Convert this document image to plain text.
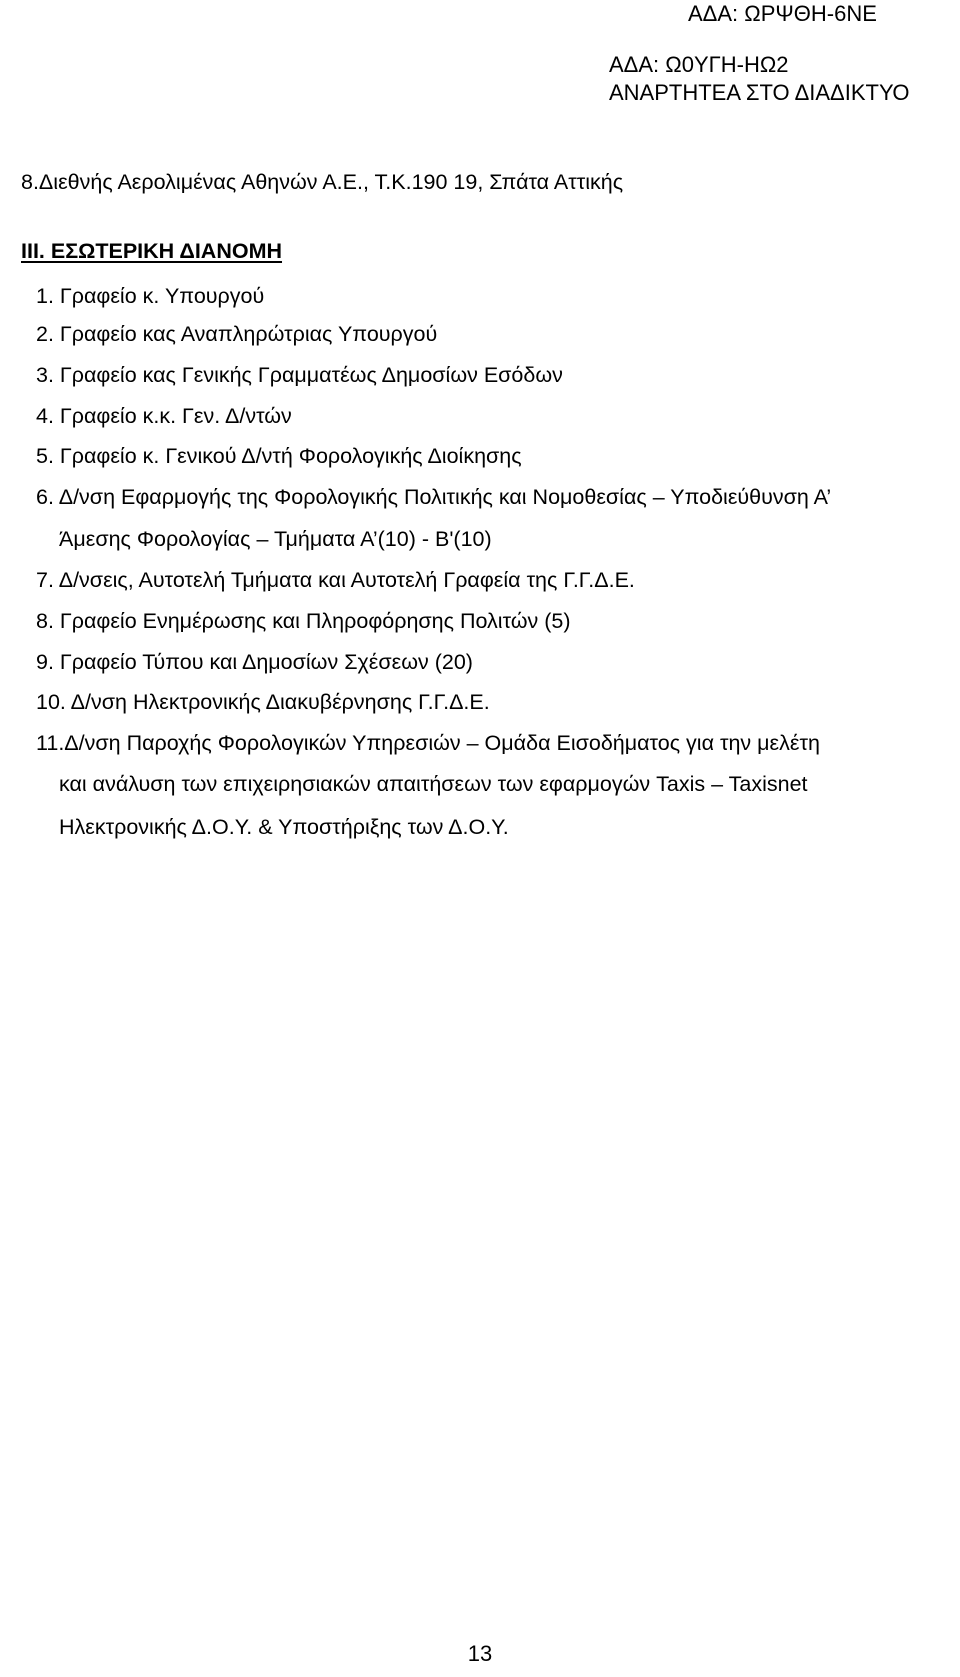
ΑΔΑ: ΩΡΨΘΗ-6ΝΕ
ΑΔΑ: Ω0ΥΓΗ-ΗΩ2
ΑΝΑΡΤΗΤΕΑ ΣΤΟ ΔΙΑΔΙΚΤΥΟ
8.Διεθνής Αερολιμένας Αθηνών Α.Ε., Τ.Κ.190 19, Σπάτα Αττικής
ΙΙΙ. ΕΣΩΤΕΡΙΚΗ ΔΙΑΝΟΜΗ
1. Γραφείο κ. Υπουργού
2. Γραφείο κας Αναπληρώτριας Υπουργού
3. Γραφείο κας Γενικής Γραμματέως Δημοσίων Εσόδων
4. Γραφείο κ.κ. Γεν. Δ/ντών
5. Γραφείο κ. Γενικού Δ/ντή Φορολογικής Διοίκησης
6. Δ/νση Εφαρμογής της Φορολογικής Πολιτικής και Νομοθεσίας – Υποδιεύθυνση Α’
Άμεσης Φορολογίας – Τμήματα Α’(10) - Β'(10)
7. Δ/νσεις, Αυτοτελή Τμήματα και Αυτοτελή Γραφεία της Γ.Γ.Δ.Ε.
8. Γραφείο Ενημέρωσης και Πληροφόρησης Πολιτών (5)
9. Γραφείο Τύπου και Δημοσίων Σχέσεων (20)
10. Δ/νση Ηλεκτρονικής Διακυβέρνησης Γ.Γ.Δ.Ε.
11.Δ/νση Παροχής Φορολογικών Υπηρεσιών – Ομάδα Εισοδήματος για την μελέτη
και ανάλυση των επιχειρησιακών απαιτήσεων των εφαρμογών Taxis – Taxisnet
Ηλεκτρονικής Δ.Ο.Υ. & Υποστήριξης των Δ.Ο.Υ.
13
